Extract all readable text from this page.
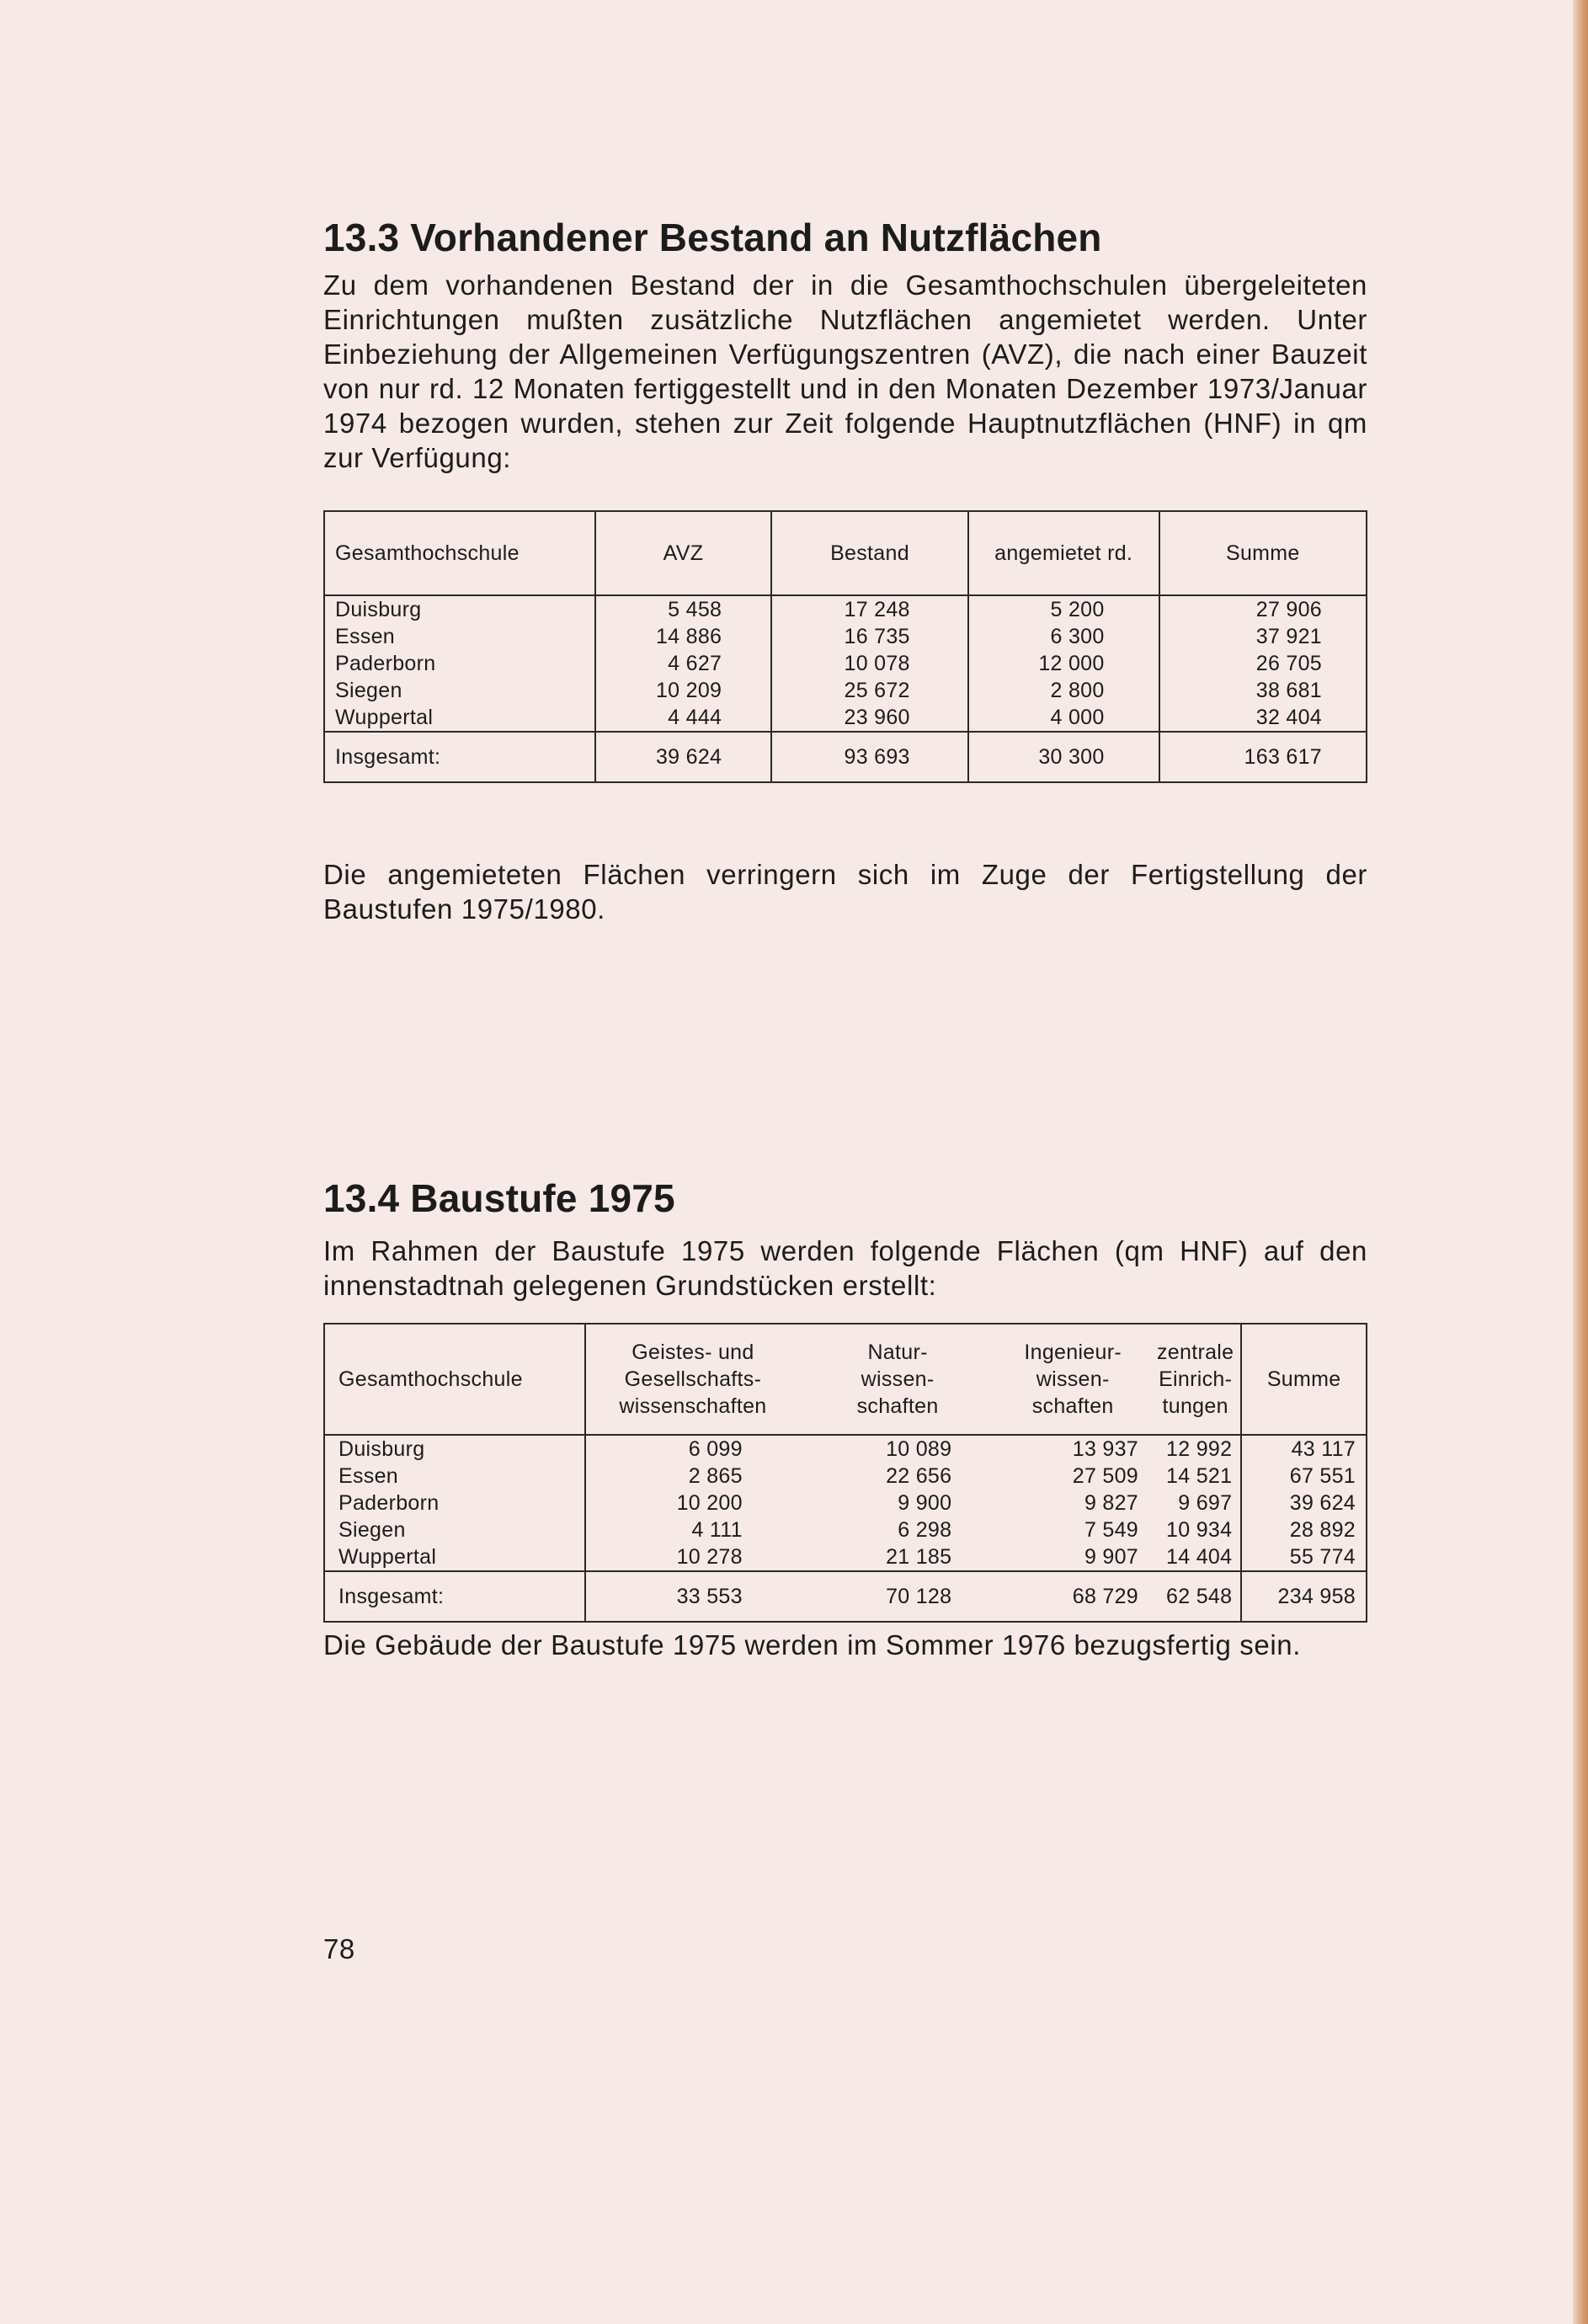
13.3 Vorhandener Bestand an Nutzflächen

Zu dem vorhandenen Bestand der in die Gesamthochschulen übergeleiteten Einrichtungen mußten zusätzliche Nutzflächen angemietet werden. Unter Einbeziehung der Allgemeinen Verfügungszentren (AVZ), die nach einer Bauzeit von nur rd. 12 Monaten fertiggestellt und in den Monaten Dezember 1973/Januar 1974 bezogen wurden, stehen zur Zeit folgende Hauptnutzflächen (HNF) in qm zur Verfügung:

Gesamthochschule	AVZ	Bestand	angemietet rd.	Summe
Duisburg	5 458	17 248	5 200	27 906
Essen	14 886	16 735	6 300	37 921
Paderborn	4 627	10 078	12 000	26 705
Siegen	10 209	25 672	2 800	38 681
Wuppertal	4 444	23 960	4 000	32 404
Insgesamt:	39 624	93 693	30 300	163 617

Die angemieteten Flächen verringern sich im Zuge der Fertigstellung der Baustufen 1975/1980.

13.4 Baustufe 1975

Im Rahmen der Baustufe 1975 werden folgende Flächen (qm HNF) auf den innenstadtnah gelegenen Grundstücken erstellt:

Gesamthochschule	Geistes- und Gesellschafts- wissenschaften	Natur- wissen- schaften	Ingenieur- wissen- schaften	zentrale Einrich- tungen	Summe
Duisburg	6 099	10 089	13 937	12 992	43 117
Essen	2 865	22 656	27 509	14 521	67 551
Paderborn	10 200	9 900	9 827	9 697	39 624
Siegen	4 111	6 298	7 549	10 934	28 892
Wuppertal	10 278	21 185	9 907	14 404	55 774
Insgesamt:	33 553	70 128	68 729	62 548	234 958

Die Gebäude der Baustufe 1975 werden im Sommer 1976 bezugsfertig sein.

78
